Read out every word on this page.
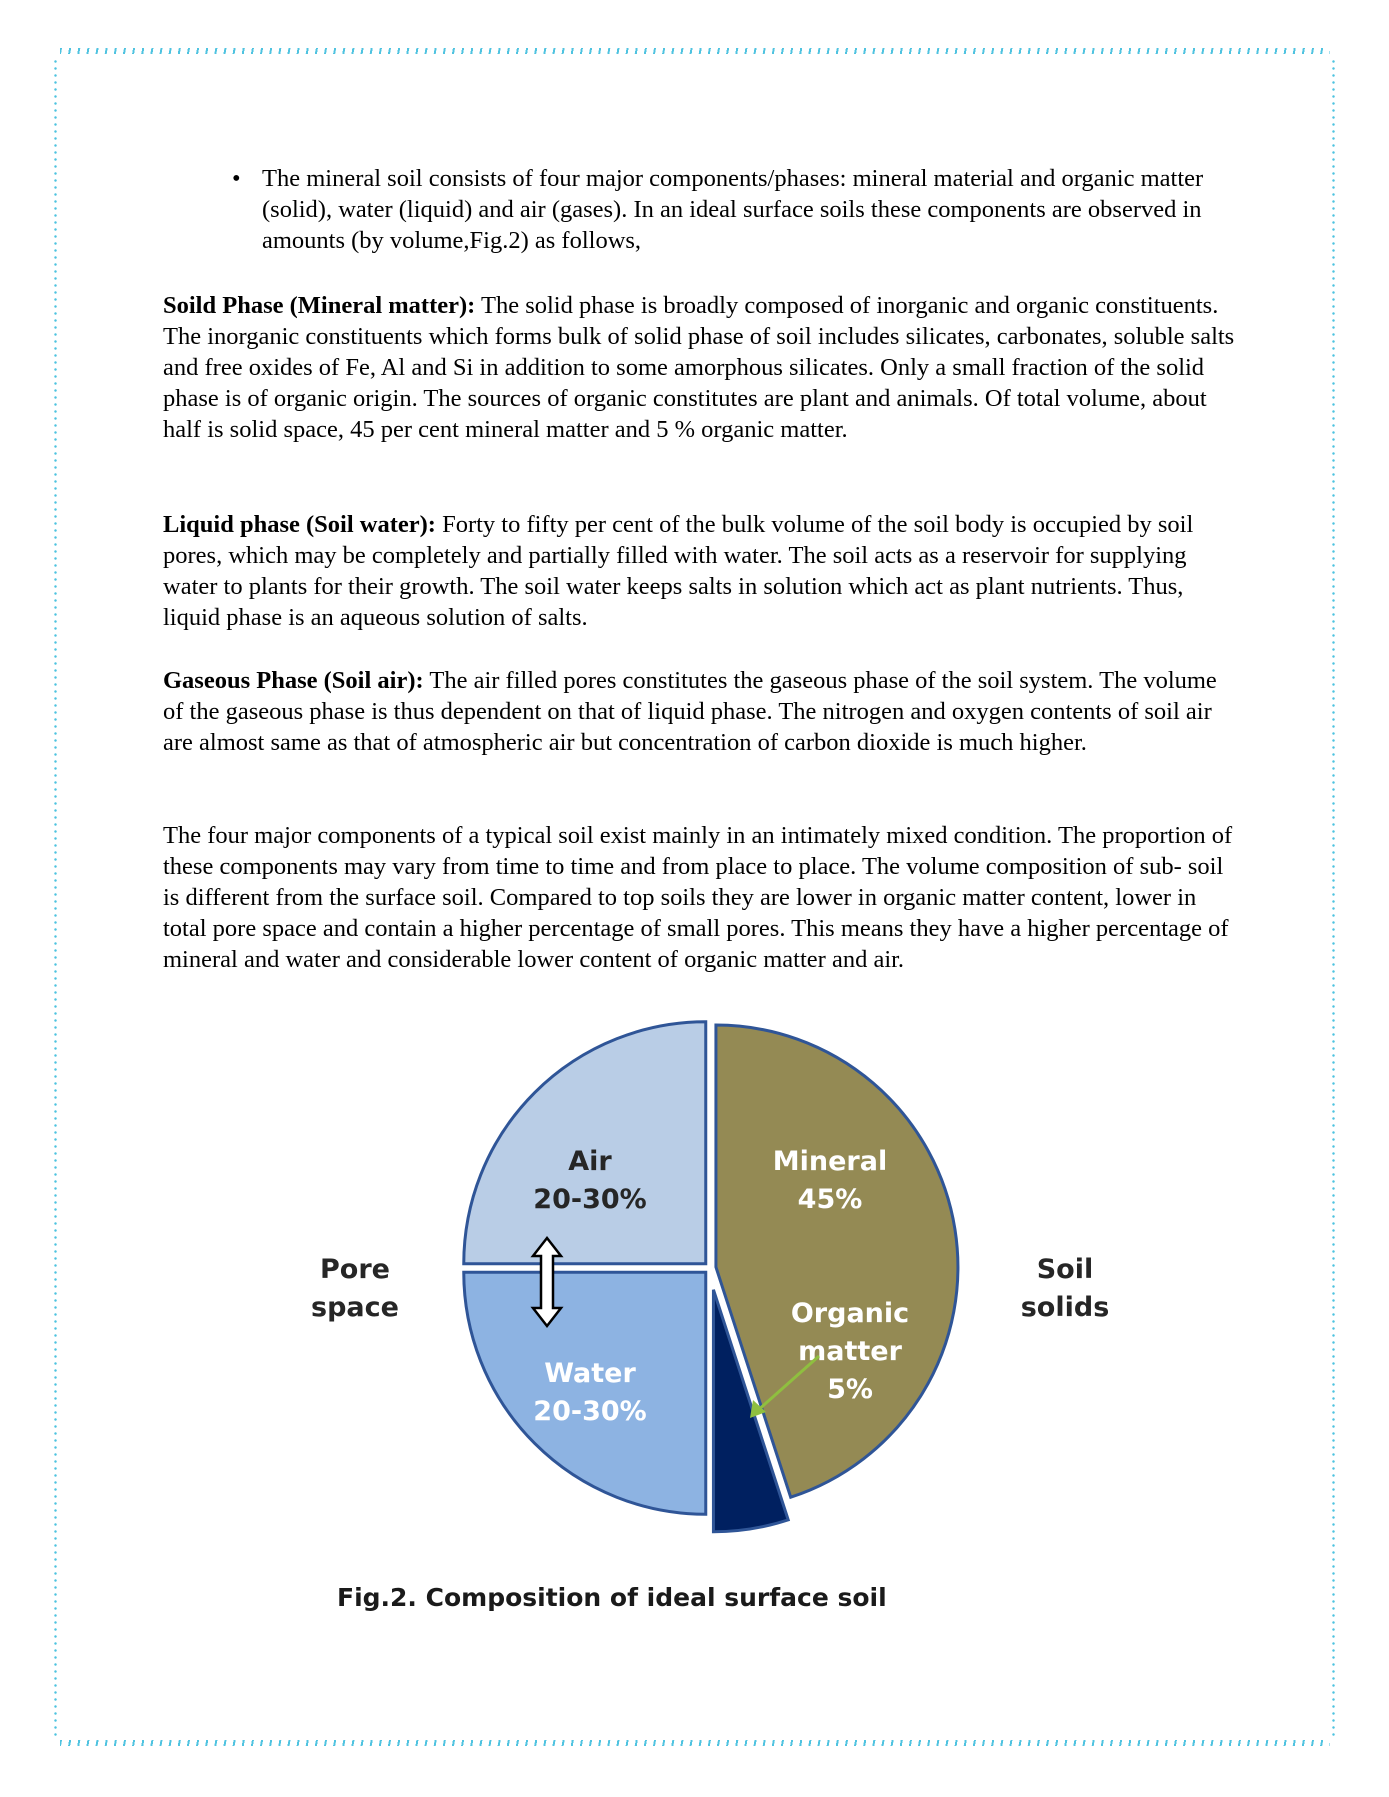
• The mineral soil consists of four major components/phases: mineral material and organic matter (solid), water (liquid) and air (gases). In an ideal surface soils these components are observed in amounts (by volume,Fig.2) as follows,

Soild Phase (Mineral matter): The solid phase is broadly composed of inorganic and organic constituents. The inorganic constituents which forms bulk of solid phase of soil includes silicates, carbonates, soluble salts and free oxides of Fe, Al and Si in addition to some amorphous silicates. Only a small fraction of the solid phase is of organic origin. The sources of organic constitutes are plant and animals. Of total volume, about half is solid space, 45 per cent mineral matter and 5 % organic matter.

Liquid phase (Soil water): Forty to fifty per cent of the bulk volume of the soil body is occupied by soil pores, which may be completely and partially filled with water. The soil acts as a reservoir for supplying water to plants for their growth. The soil water keeps salts in solution which act as plant nutrients. Thus, liquid phase is an aqueous solution of salts.

Gaseous Phase (Soil air): The air filled pores constitutes the gaseous phase of the soil system. The volume of the gaseous phase is thus dependent on that of liquid phase. The nitrogen and oxygen contents of soil air are almost same as that of atmospheric air but concentration of carbon dioxide is much higher.

The four major components of a typical soil exist mainly in an intimately mixed condition. The proportion of these components may vary from time to time and from place to place. The volume composition of sub- soil is different from the surface soil. Compared to top soils they are lower in organic matter content, lower in total pore space and contain a higher percentage of small pores. This means they have a higher percentage of mineral and water and considerable lower content of organic matter and air.

Air 20-30%
Water 20-30%
Mineral 45%
Organic matter 5%
Pore space
Soil solids
Fig.2. Composition of ideal surface soil
